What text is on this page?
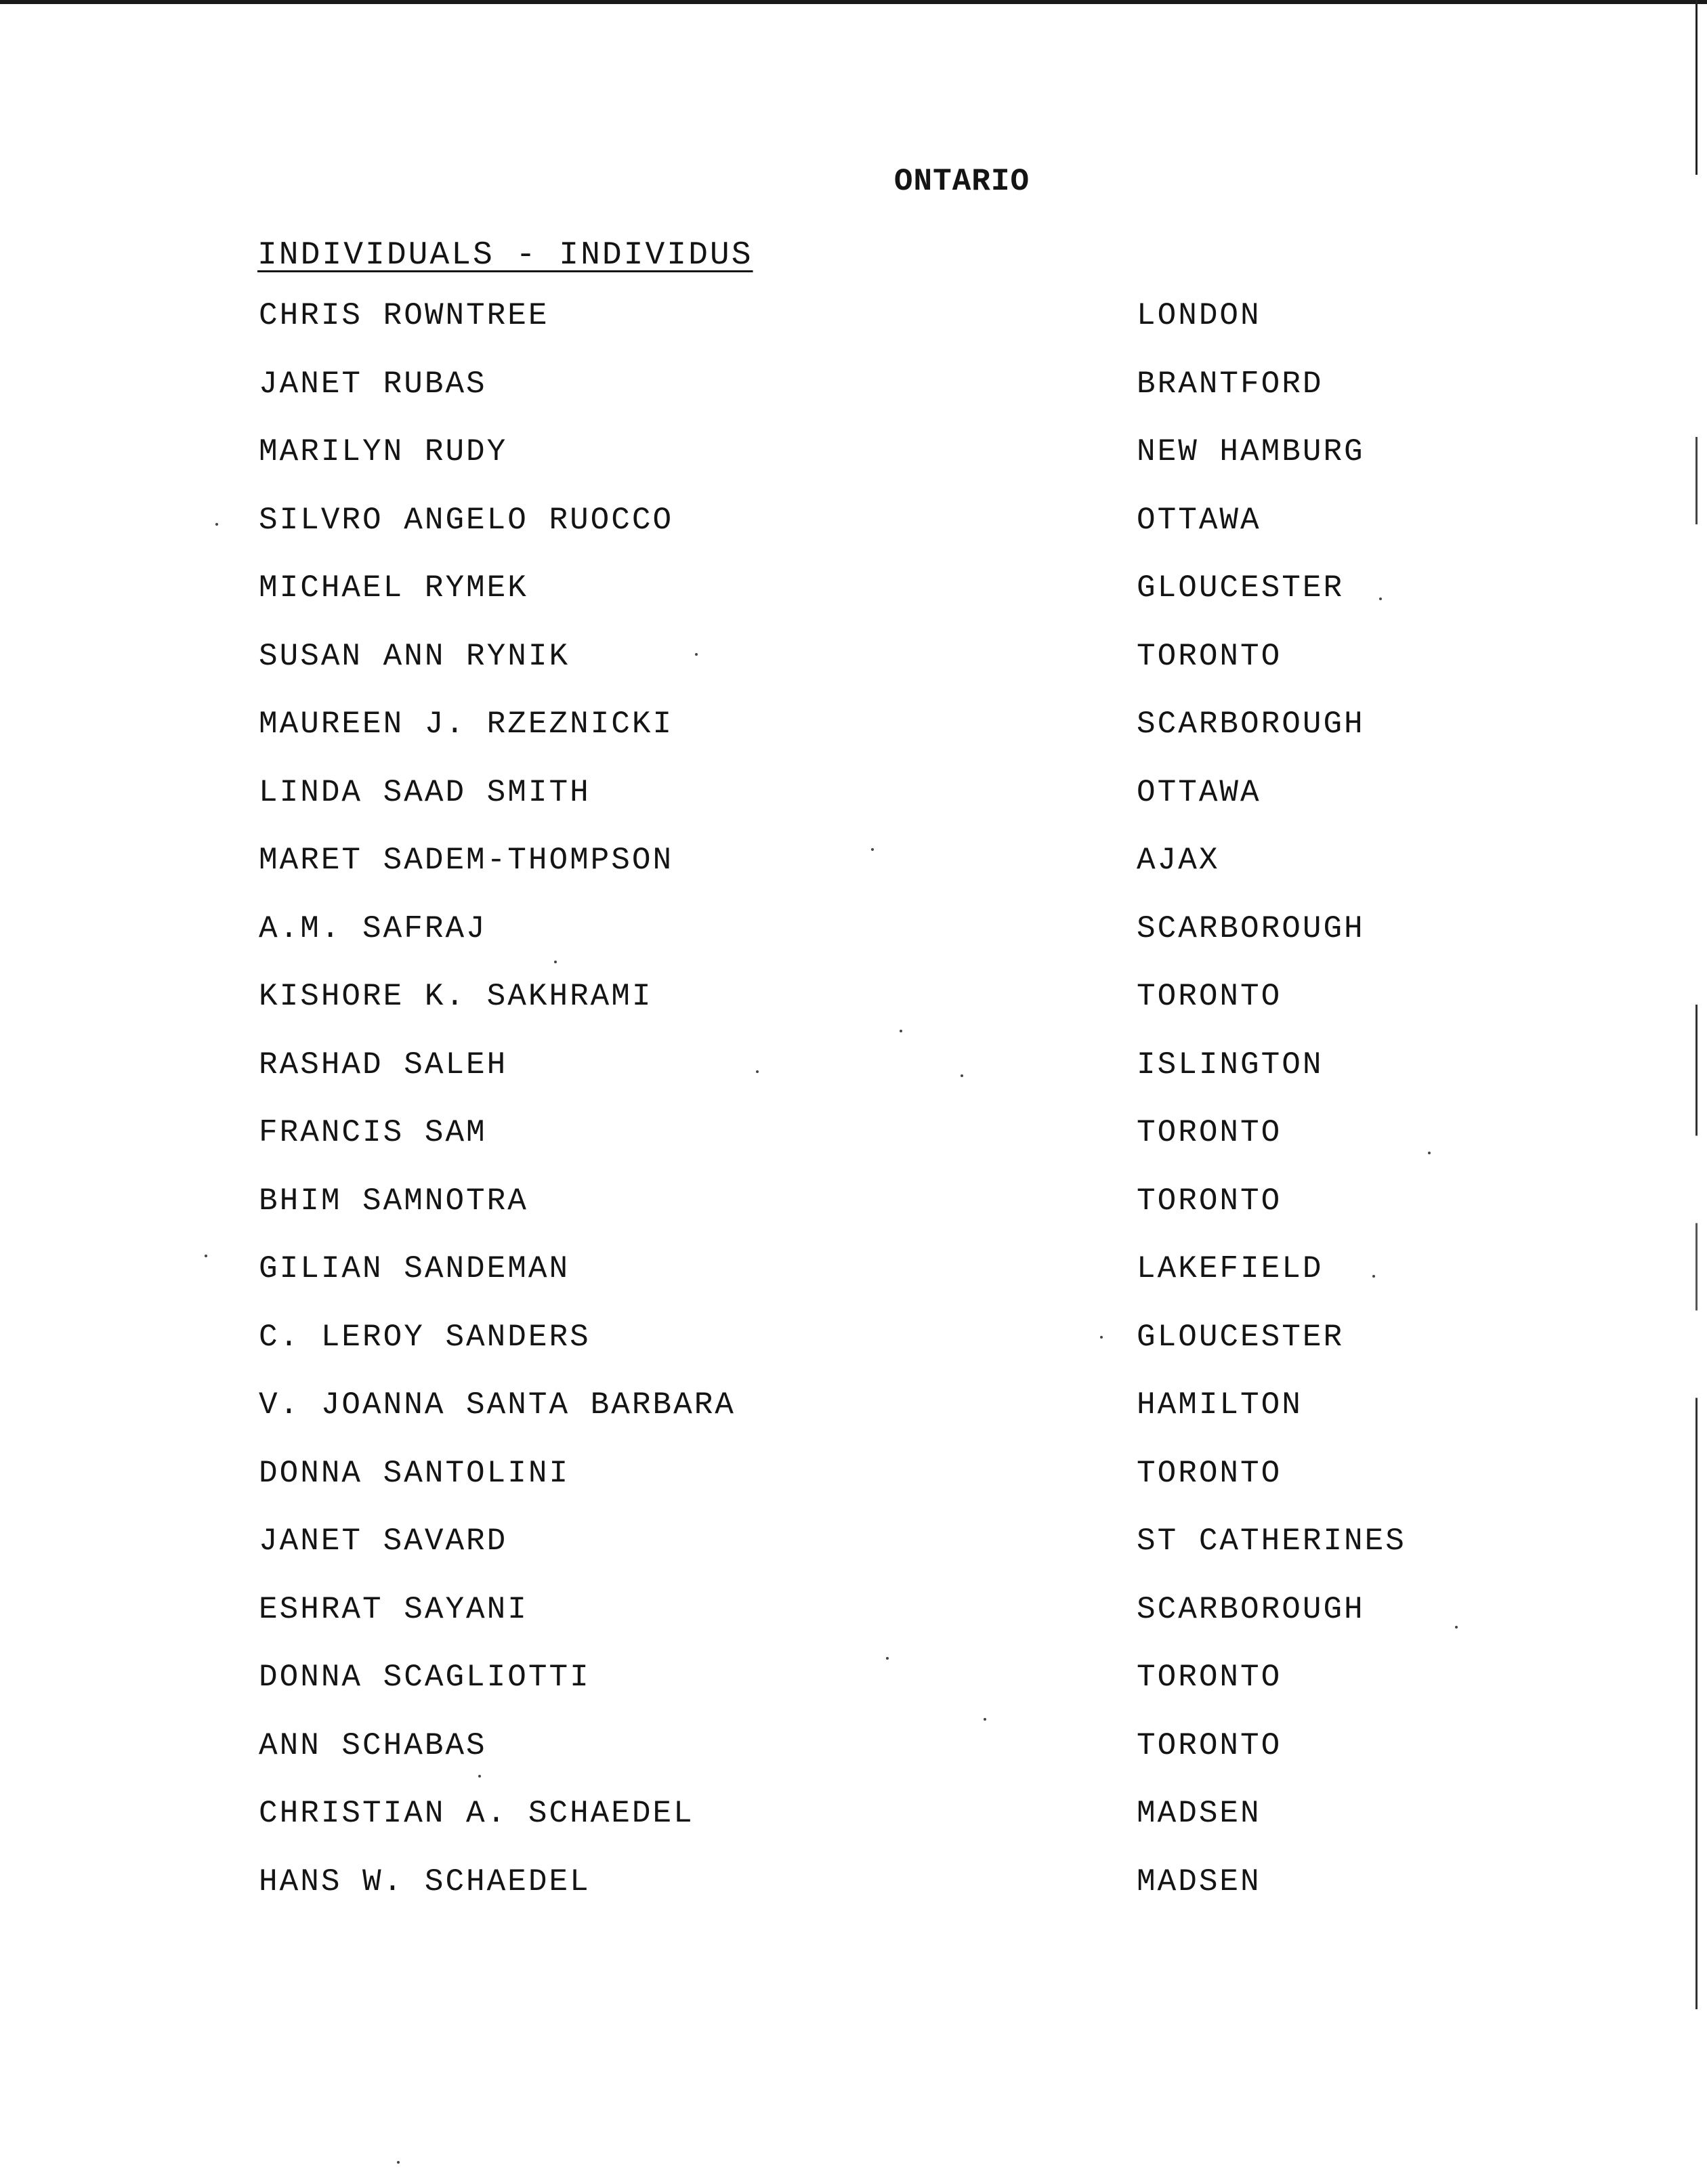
ONTARIO
INDIVIDUALS - INDIVIDUS
CHRIS ROWNTREE	LONDON
JANET RUBAS	BRANTFORD
MARILYN RUDY	NEW HAMBURG
SILVRO ANGELO RUOCCO	OTTAWA
MICHAEL RYMEK	GLOUCESTER
SUSAN ANN RYNIK	TORONTO
MAUREEN J. RZEZNICKI	SCARBOROUGH
LINDA SAAD SMITH	OTTAWA
MARET SADEM-THOMPSON	AJAX
A.M. SAFRAJ	SCARBOROUGH
KISHORE K. SAKHRAMI	TORONTO
RASHAD SALEH	ISLINGTON
FRANCIS SAM	TORONTO
BHIM SAMNOTRA	TORONTO
GILIAN SANDEMAN	LAKEFIELD
C. LEROY SANDERS	GLOUCESTER
V. JOANNA SANTA BARBARA	HAMILTON
DONNA SANTOLINI	TORONTO
JANET SAVARD	ST CATHERINES
ESHRAT SAYANI	SCARBOROUGH
DONNA SCAGLIOTTI	TORONTO
ANN SCHABAS	TORONTO
CHRISTIAN A. SCHAEDEL	MADSEN
HANS W. SCHAEDEL	MADSEN
